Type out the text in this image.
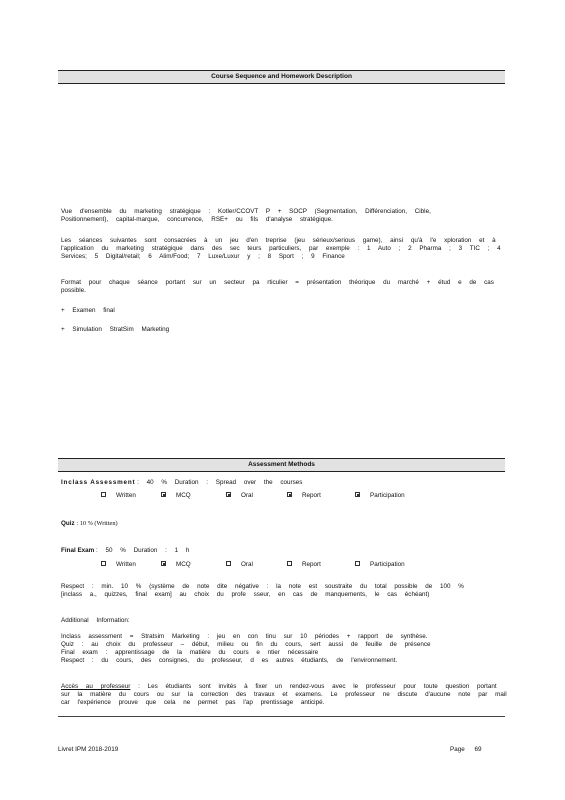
Course Sequence and Homework Description
Vue d'ensemble du marketing stratégique : Kotler/CCOVT P + SOCP (Segmentation, Différenciation, Cible,
Positionnement), capital-marque, concurrence, RSE+ ou fils d'analyse stratégique.
Les séances suivantes sont consacrées à un jeu d'en treprise (jeu sérieux/serious game), ainsi qu'à l'e xploration et à
l'application du marketing stratégique dans des sec teurs particuliers, par exemple : 1 Auto ; 2 Pharma ; 3 TIC ; 4
Services; 5 Digital/retail; 6 Alim/Food; 7 Luxe/Luxur y ; 8 Sport ; 9 Finance
Format pour chaque séance portant sur un secteur pa rticulier = présentation théorique du marché + étud e de cas
possible.
+ Examen final
+ Simulation StratSim Marketing
Assessment Methods
Inclass Assessment : 40 % Duration : Spread over the courses
Written	MCQ	Oral	Report	Participation
Quiz : 10 % (Written)
Final Exam : 50 % Duration : 1 h
Written	MCQ	Oral	Report	Participation
Respect : min. 10 % (système de note dite négative : la note est soustraite du total possible de 100 %
[inclass a., quizzes, final exam] au choix du profe sseur, en cas de manquements, le cas échéant)
Additional Information:
Inclass assessment = Stratsim Marketing : jeu en con tinu sur 10 périodes + rapport de synthèse.
Quiz : au choix du professeur – début, milieu ou fin du cours, sert aussi de feuille de présence
Final exam : apprentissage de la matière du cours e ntier nécessaire
Respect : du cours, des consignes, du professeur, d es autres étudiants, de l'environnement.
Accès au professeur : Les étudiants sont invités à fixer un rendez-vous avec le professeur pour toute question portant
sur la matière du cours ou sur la correction des travaux et examens. Le professeur ne discute d'aucune note par mail
car l'expérience prouve que cela ne permet pas l'ap prentissage anticipé.
Livret IPM 2018-2019	Page 69
